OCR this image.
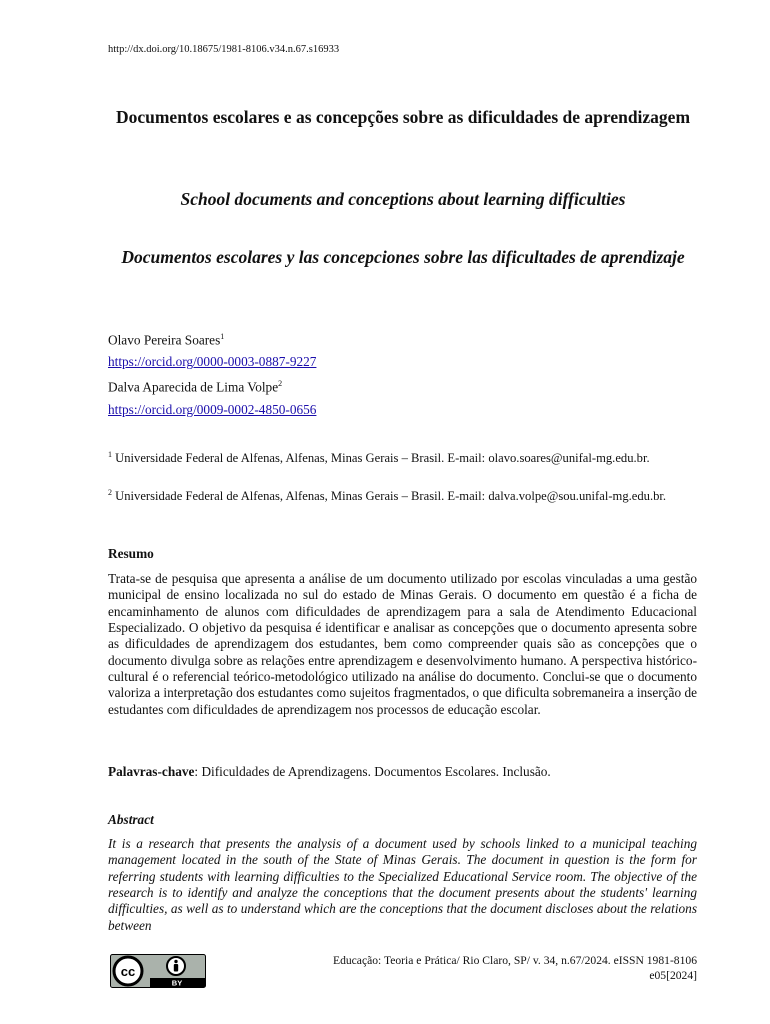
http://dx.doi.org/10.18675/1981-8106.v34.n.67.s16933
Documentos escolares e as concepções sobre as dificuldades de aprendizagem
School documents and conceptions about learning difficulties
Documentos escolares y las concepciones sobre las dificultades de aprendizaje
Olavo Pereira Soares$^1$
https://orcid.org/0000-0003-0887-9227
Dalva Aparecida de Lima Volpe$^2$
https://orcid.org/0009-0002-4850-0656
$^1$ Universidade Federal de Alfenas, Alfenas, Minas Gerais – Brasil. E-mail: olavo.soares@unifal-mg.edu.br.
$^2$ Universidade Federal de Alfenas, Alfenas, Minas Gerais – Brasil. E-mail: dalva.volpe@sou.unifal-mg.edu.br.
Resumo

Trata-se de pesquisa que apresenta a análise de um documento utilizado por escolas vinculadas a uma gestão municipal de ensino localizada no sul do estado de Minas Gerais. O documento em questão é a ficha de encaminhamento de alunos com dificuldades de aprendizagem para a sala de Atendimento Educacional Especializado. O objetivo da pesquisa é identificar e analisar as concepções que o documento apresenta sobre as dificuldades de aprendizagem dos estudantes, bem como compreender quais são as concepções que o documento divulga sobre as relações entre aprendizagem e desenvolvimento humano. A perspectiva histórico-cultural é o referencial teórico-metodológico utilizado na análise do documento. Conclui-se que o documento valoriza a interpretação dos estudantes como sujeitos fragmentados, o que dificulta sobremaneira a inserção de estudantes com dificuldades de aprendizagem nos processos de educação escolar.

Palavras-chave: Dificuldades de Aprendizagens. Documentos Escolares. Inclusão.
Abstract

It is a research that presents the analysis of a document used by schools linked to a municipal teaching management located in the south of the State of Minas Gerais. The document in question is the form for referring students with learning difficulties to the Specialized Educational Service room. The objective of the research is to identify and analyze the conceptions that the document presents about the students' learning difficulties, as well as to understand which are the conceptions that the document discloses about the relations between

cc
BY
Educação: Teoria e Prática/ Rio Claro, SP/ v. 34, n.67/2024. eISSN 1981-8106
e05[2024]
